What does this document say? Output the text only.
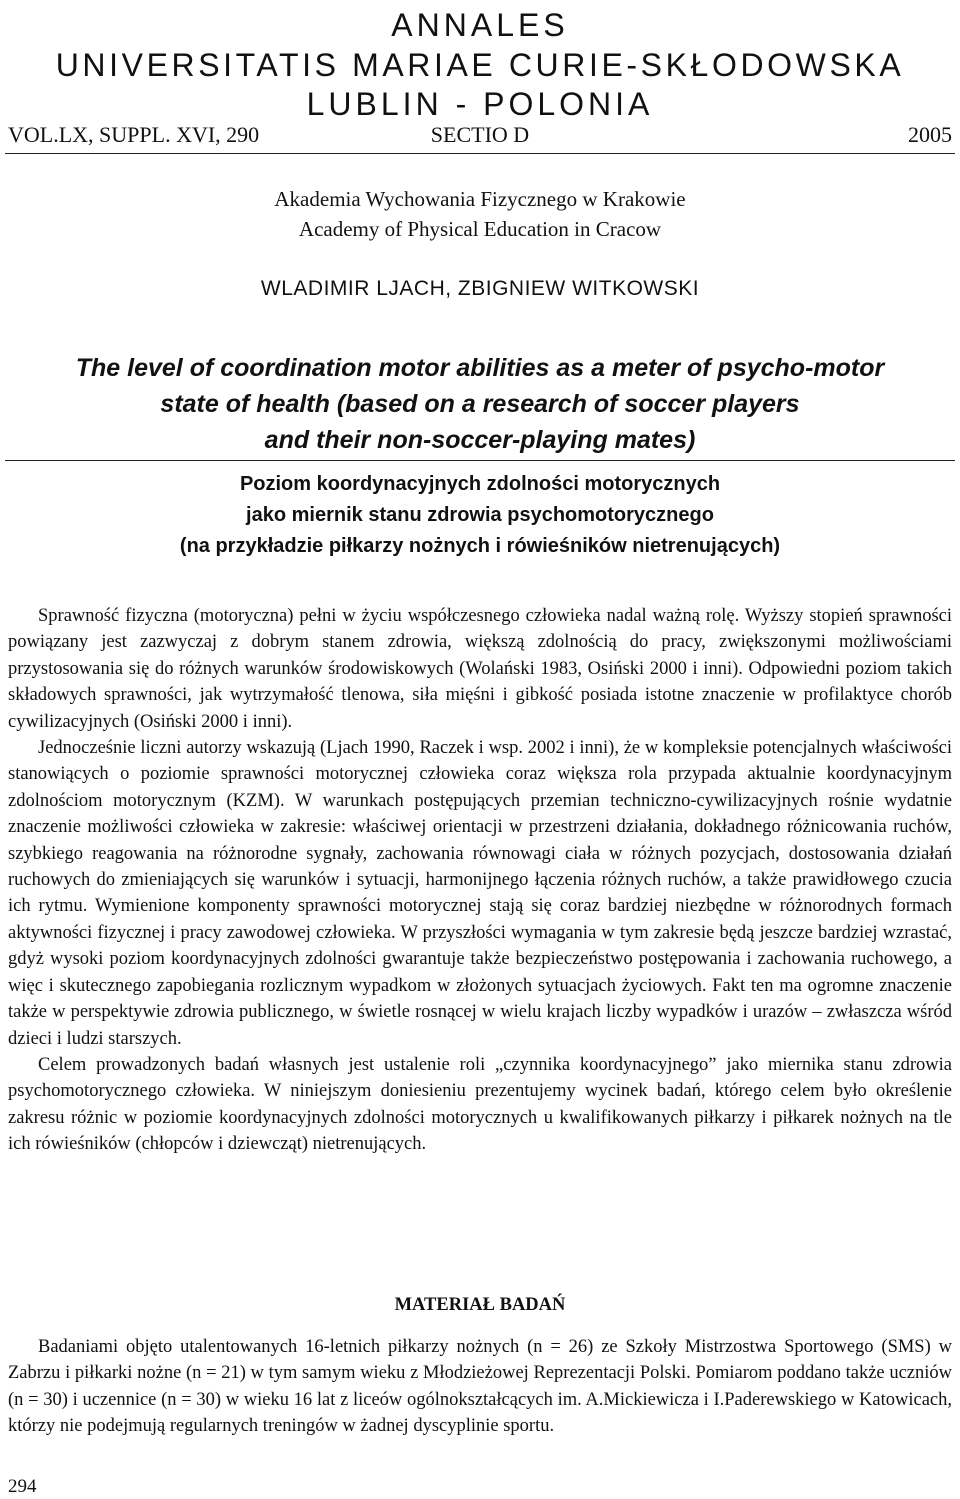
ANNALES
UNIVERSITATIS MARIAE CURIE-SKŁODOWSKA
LUBLIN - POLONIA
VOL.LX, SUPPL. XVI, 290	SECTIO D	2005
Akademia Wychowania Fizycznego w Krakowie
Academy of Physical Education in Cracow
WLADIMIR LJACH, ZBIGNIEW WITKOWSKI
The level of coordination motor abilities as a meter of psycho-motor
state of health (based on a research of soccer players
and their non-soccer-playing mates)
Poziom koordynacyjnych zdolności motorycznych
jako miernik stanu zdrowia psychomotorycznego
(na przykładzie piłkarzy nożnych i rówieśników nietrenujących)

Sprawność fizyczna (motoryczna) pełni w życiu współczesnego człowieka nadal ważną rolę. Wyższy stopień sprawności powiązany jest zazwyczaj z dobrym stanem zdrowia, większą zdolnością do pracy, zwiększonymi możliwościami przystosowania się do różnych warunków środowiskowych (Wolański 1983, Osiński 2000 i inni). Odpowiedni poziom takich składowych sprawności, jak wytrzymałość tlenowa, siła mięśni i gibkość posiada istotne znaczenie w profilaktyce chorób cywilizacyjnych (Osiński 2000 i inni).

Jednocześnie liczni autorzy wskazują (Ljach 1990, Raczek i wsp. 2002 i inni), że w kompleksie potencjalnych właściwości stanowiących o poziomie sprawności motorycznej człowieka coraz większa rola przypada aktualnie koordynacyjnym zdolnościom motorycznym (KZM). W warunkach postępujących przemian techniczno-cywilizacyjnych rośnie wydatnie znaczenie możliwości człowieka w zakresie: właściwej orientacji w przestrzeni działania, dokładnego różnicowania ruchów, szybkiego reagowania na różnorodne sygnały, zachowania równowagi ciała w różnych pozycjach, dostosowania działań ruchowych do zmieniających się warunków i sytuacji, harmonijnego łączenia różnych ruchów, a także prawidłowego czucia ich rytmu. Wymienione komponenty sprawności motorycznej stają się coraz bardziej niezbędne w różnorodnych formach aktywności fizycznej i pracy zawodowej człowieka. W przyszłości wymagania w tym zakresie będą jeszcze bardziej wzrastać, gdyż wysoki poziom koordynacyjnych zdolności gwarantuje także bezpieczeństwo postępowania i zachowania ruchowego, a więc i skutecznego zapobiegania rozlicznym wypadkom w złożonych sytuacjach życiowych. Fakt ten ma ogromne znaczenie także w perspektywie zdrowia publicznego, w świetle rosnącej w wielu krajach liczby wypadków i urazów – zwłaszcza wśród dzieci i ludzi starszych.

Celem prowadzonych badań własnych jest ustalenie roli „czynnika koordynacyjnego” jako miernika stanu zdrowia psychomotorycznego człowieka. W niniejszym doniesieniu prezentujemy wycinek badań, którego celem było określenie zakresu różnic w poziomie koordynacyjnych zdolności motorycznych u kwalifikowanych piłkarzy i piłkarek nożnych na tle ich rówieśników (chłopców i dziewcząt) nietrenujących.

MATERIAŁ BADAŃ

Badaniami objęto utalentowanych 16-letnich piłkarzy nożnych (n = 26) ze Szkoły Mistrzostwa Sportowego (SMS) w Zabrzu i piłkarki nożne (n = 21) w tym samym wieku z Młodzieżowej Reprezentacji Polski. Pomiarom poddano także uczniów (n = 30) i uczennice (n = 30) w wieku 16 lat z liceów ogólnokształcących im. A.Mickiewicza i I.Paderewskiego w Katowicach, którzy nie podejmują regularnych treningów w żadnej dyscyplinie sportu.

294
